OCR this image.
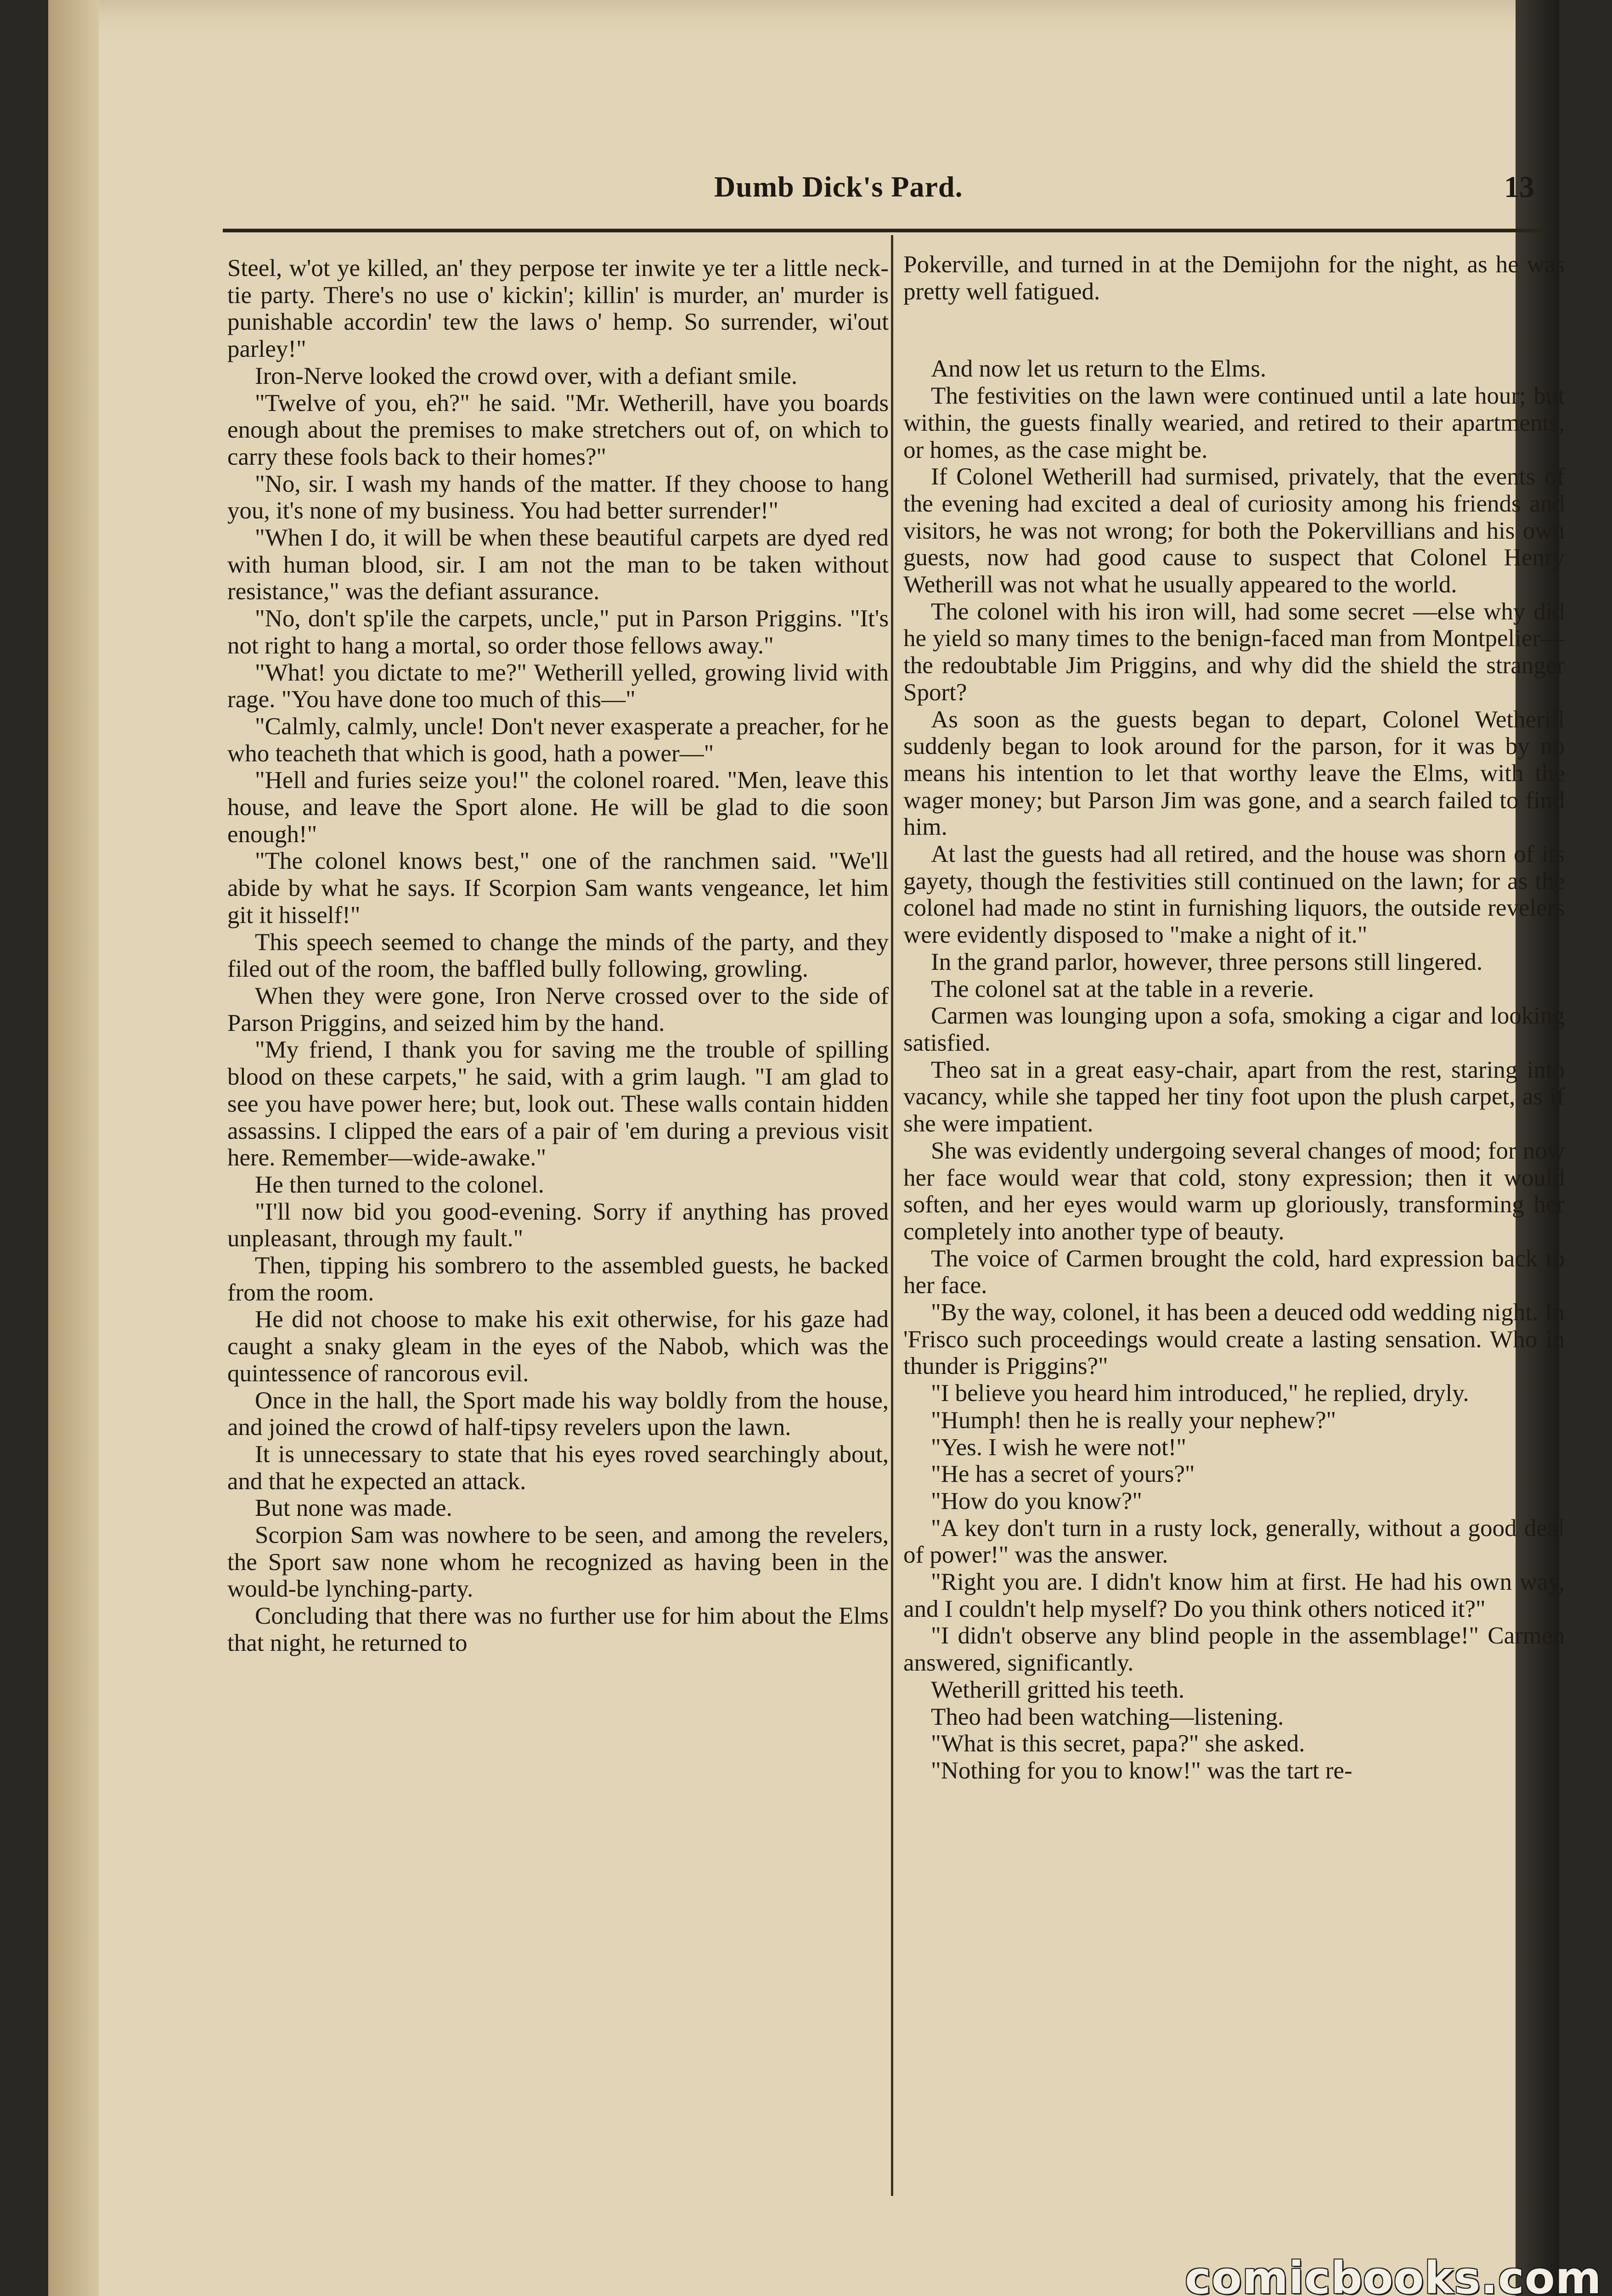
Dumb Dick's Pard.	13

Steel, w'ot ye killed, an' they perpose ter inwite ye ter a little neck-tie party. There's no use o' kickin'; killin' is murder, an' murder is punishable accordin' tew the laws o' hemp. So surrender, wi'out parley!"

Iron-Nerve looked the crowd over, with a defiant smile.

"Twelve of you, eh?" he said. "Mr. Wetherill, have you boards enough about the premises to make stretchers out of, on which to carry these fools back to their homes?"

"No, sir. I wash my hands of the matter. If they choose to hang you, it's none of my business. You had better surrender!"

"When I do, it will be when these beautiful carpets are dyed red with human blood, sir. I am not the man to be taken without resistance," was the defiant assurance.

"No, don't sp'ile the carpets, uncle," put in Parson Priggins. "It's not right to hang a mortal, so order those fellows away."

"What! you dictate to me?" Wetherill yelled, growing livid with rage. "You have done too much of this—"

"Calmly, calmly, uncle! Don't never exasperate a preacher, for he who teacheth that which is good, hath a power—"

"Hell and furies seize you!" the colonel roared. "Men, leave this house, and leave the Sport alone. He will be glad to die soon enough!"

"The colonel knows best," one of the ranchmen said. "We'll abide by what he says. If Scorpion Sam wants vengeance, let him git it hisself!"

This speech seemed to change the minds of the party, and they filed out of the room, the baffled bully following, growling.

When they were gone, Iron Nerve crossed over to the side of Parson Priggins, and seized him by the hand.

"My friend, I thank you for saving me the trouble of spilling blood on these carpets," he said, with a grim laugh. "I am glad to see you have power here; but, look out. These walls contain hidden assassins. I clipped the ears of a pair of 'em during a previous visit here. Remember—wide-awake."

He then turned to the colonel.

"I'll now bid you good-evening. Sorry if anything has proved unpleasant, through my fault."

Then, tipping his sombrero to the assembled guests, he backed from the room.

He did not choose to make his exit otherwise, for his gaze had caught a snaky gleam in the eyes of the Nabob, which was the quintessence of rancorous evil.

Once in the hall, the Sport made his way boldly from the house, and joined the crowd of half-tipsy revelers upon the lawn.

It is unnecessary to state that his eyes roved searchingly about, and that he expected an attack.

But none was made.

Scorpion Sam was nowhere to be seen, and among the revelers, the Sport saw none whom he recognized as having been in the would-be lynching-party.

Concluding that there was no further use for him about the Elms that night, he returned to

Pokerville, and turned in at the Demijohn for the night, as he was pretty well fatigued.

And now let us return to the Elms.

The festivities on the lawn were continued until a late hour; but within, the guests finally wearied, and retired to their apartments, or homes, as the case might be.

If Colonel Wetherill had surmised, privately, that the events of the evening had excited a deal of curiosity among his friends and visitors, he was not wrong; for both the Pokervillians and his own guests, now had good cause to suspect that Colonel Henry Wetherill was not what he usually appeared to the world.

The colonel with his iron will, had some secret —else why did he yield so many times to the benign-faced man from Montpelier—the redoubtable Jim Priggins, and why did the shield the stranger Sport?

As soon as the guests began to depart, Colonel Wetherill suddenly began to look around for the parson, for it was by no means his intention to let that worthy leave the Elms, with the wager money; but Parson Jim was gone, and a search failed to find him.

At last the guests had all retired, and the house was shorn of its gayety, though the festivities still continued on the lawn; for as the colonel had made no stint in furnishing liquors, the outside revelers were evidently disposed to "make a night of it."

In the grand parlor, however, three persons still lingered.

The colonel sat at the table in a reverie.

Carmen was lounging upon a sofa, smoking a cigar and looking satisfied.

Theo sat in a great easy-chair, apart from the rest, staring into vacancy, while she tapped her tiny foot upon the plush carpet, as if she were impatient.

She was evidently undergoing several changes of mood; for now her face would wear that cold, stony expression; then it would soften, and her eyes would warm up gloriously, transforming her completely into another type of beauty.

The voice of Carmen brought the cold, hard expression back to her face.

"By the way, colonel, it has been a deuced odd wedding night. In 'Frisco such proceedings would create a lasting sensation. Who in thunder is Priggins?"

"I believe you heard him introduced," he replied, dryly.

"Humph! then he is really your nephew?"

"Yes. I wish he were not!"

"He has a secret of yours?"

"How do you know?"

"A key don't turn in a rusty lock, generally, without a good deal of power!" was the answer.

"Right you are. I didn't know him at first. He had his own way, and I couldn't help myself? Do you think others noticed it?"

"I didn't observe any blind people in the assemblage!" Carmen answered, significantly.

Wetherill gritted his teeth.

Theo had been watching—listening.

"What is this secret, papa?" she asked.

"Nothing for you to know!" was the tart re-

comicbooks.com
